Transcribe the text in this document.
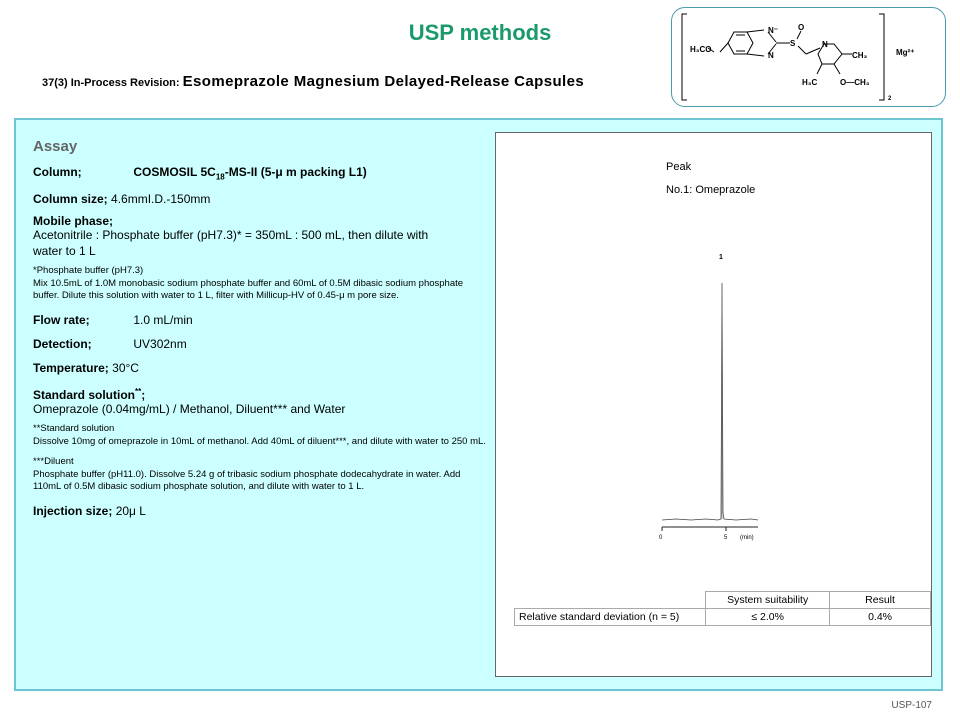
USP methods
37(3) In-Process Revision: Esomeprazole Magnesium Delayed-Release Capsules
N⁻
N
S
O
N
H₃CO
CH₃
H₃C	O—CH₃
Mg²⁺
2
Assay
Column;	COSMOSIL $5C_{18}-MS-II$ (5-μ m packing L1)
Column size; 4.6mmI.D.-150mm
Mobile phase;
Acetonitrile : Phosphate buffer (pH7.3)* = 350mL : 500 mL, then dilute with water to 1 L
*Phosphate buffer (pH7.3)
Mix 10.5mL of 1.0M monobasic sodium phosphate buffer and 60mL of 0.5M dibasic sodium phosphate buffer. Dilute this solution with water to 1 L, filter with Millicup-HV of 0.45-μ m pore size.
Flow rate;	1.0 mL/min
Detection;	UV302nm
Temperature; 30°C
Standard solution**;
Omeprazole (0.04mg/mL) / Methanol, Diluent*** and Water
**Standard solution
Dissolve 10mg of omeprazole in 10mL of methanol. Add 40mL of diluent***, and dilute with water to 250 mL.
***Diluent
Phosphate buffer (pH11.0). Dissolve 5.24 g of tribasic sodium phosphate dodecahydrate in water. Add 110mL of 0.5M dibasic sodium phosphate solution, and dilute with water to 1 L.
Injection size; 20μ L
Peak
No.1: Omeprazole
1
0	5 (min)
	System suitability	Result
Relative standard deviation (n = 5)	≤ 2.0%	0.4%
USP-107
